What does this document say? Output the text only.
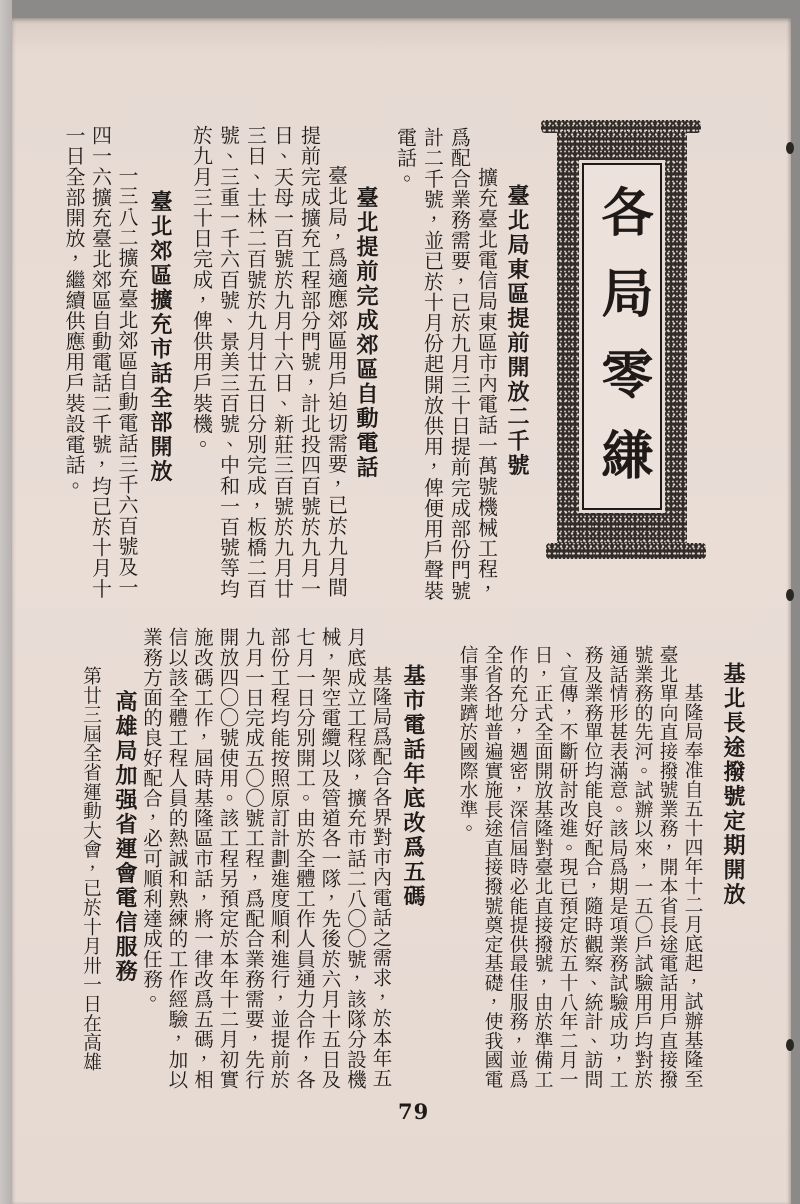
各局零縑
臺北局東區提前開放二千號
擴充臺北電信局東區市內電話一萬號機械工程，
爲配合業務需要，已於九月三十日提前完成部份門號
計二千號，並已於十月份起開放供用，俾便用戶聲裝
電話。
臺北提前完成郊區自動電話
臺北局，爲適應郊區用戶迫切需要，已於九月間
提前完成擴充工程部分門號，計北投四百號於九月一
日、天母一百號於九月十六日、新莊三百號於九月廿
三日、士林二百號於九月廿五日分別完成，板橋二百
號、三重一千六百號、景美三百號、中和一百號等均
於九月三十日完成，俾供用戶裝機。
臺北郊區擴充市話全部開放
一三八二擴充臺北郊區自動電話三千六百號及一
四一六擴充臺北郊區自動電話二千號，均已於十月十
一日全部開放，繼續供應用戶裝設電話。
基北長途撥號定期開放
基隆局奉准自五十四年十二月底起，試辦基隆至
臺北單向直接撥號業務，開本省長途電話用戶直接撥
號業務的先河。試辦以來，一五〇戶試驗用戶均對於
通話情形甚表滿意。該局爲期是項業務試驗成功，工
務及業務單位均能良好配合，隨時觀察、統計、訪問
、宣傳，不斷研討改進。現已預定於五十八年二月一
日，正式全面開放基隆對臺北直接撥號，由於準備工
作的充分，週密，深信屆時必能提供最佳服務，並爲
全省各地普遍實施長途直接撥號奠定基礎，使我國電
信事業躋於國際水準。
基市電話年底改爲五碼
基隆局爲配合各界對市內電話之需求，於本年五
月底成立工程隊，擴充市話二八〇〇號，該隊分設機
械，架空電纜以及管道各一隊，先後於六月十五日及
七月一日分別開工。由於全體工作人員通力合作，各
部份工程均能按照原訂計劃進度順利進行，並提前於
九月一日完成五〇〇號工程，爲配合業務需要，先行
開放四〇〇號使用。該工程另預定於本年十二月初實
施改碼工作，屆時基隆區市話，將一律改爲五碼，相
信以該全體工程人員的熱誠和熟練的工作經驗，加以
業務方面的良好配合，必可順利達成任務。
高雄局加强省運會電信服務
第廿三屆全省運動大會，已於十月卅一日在高雄
79
